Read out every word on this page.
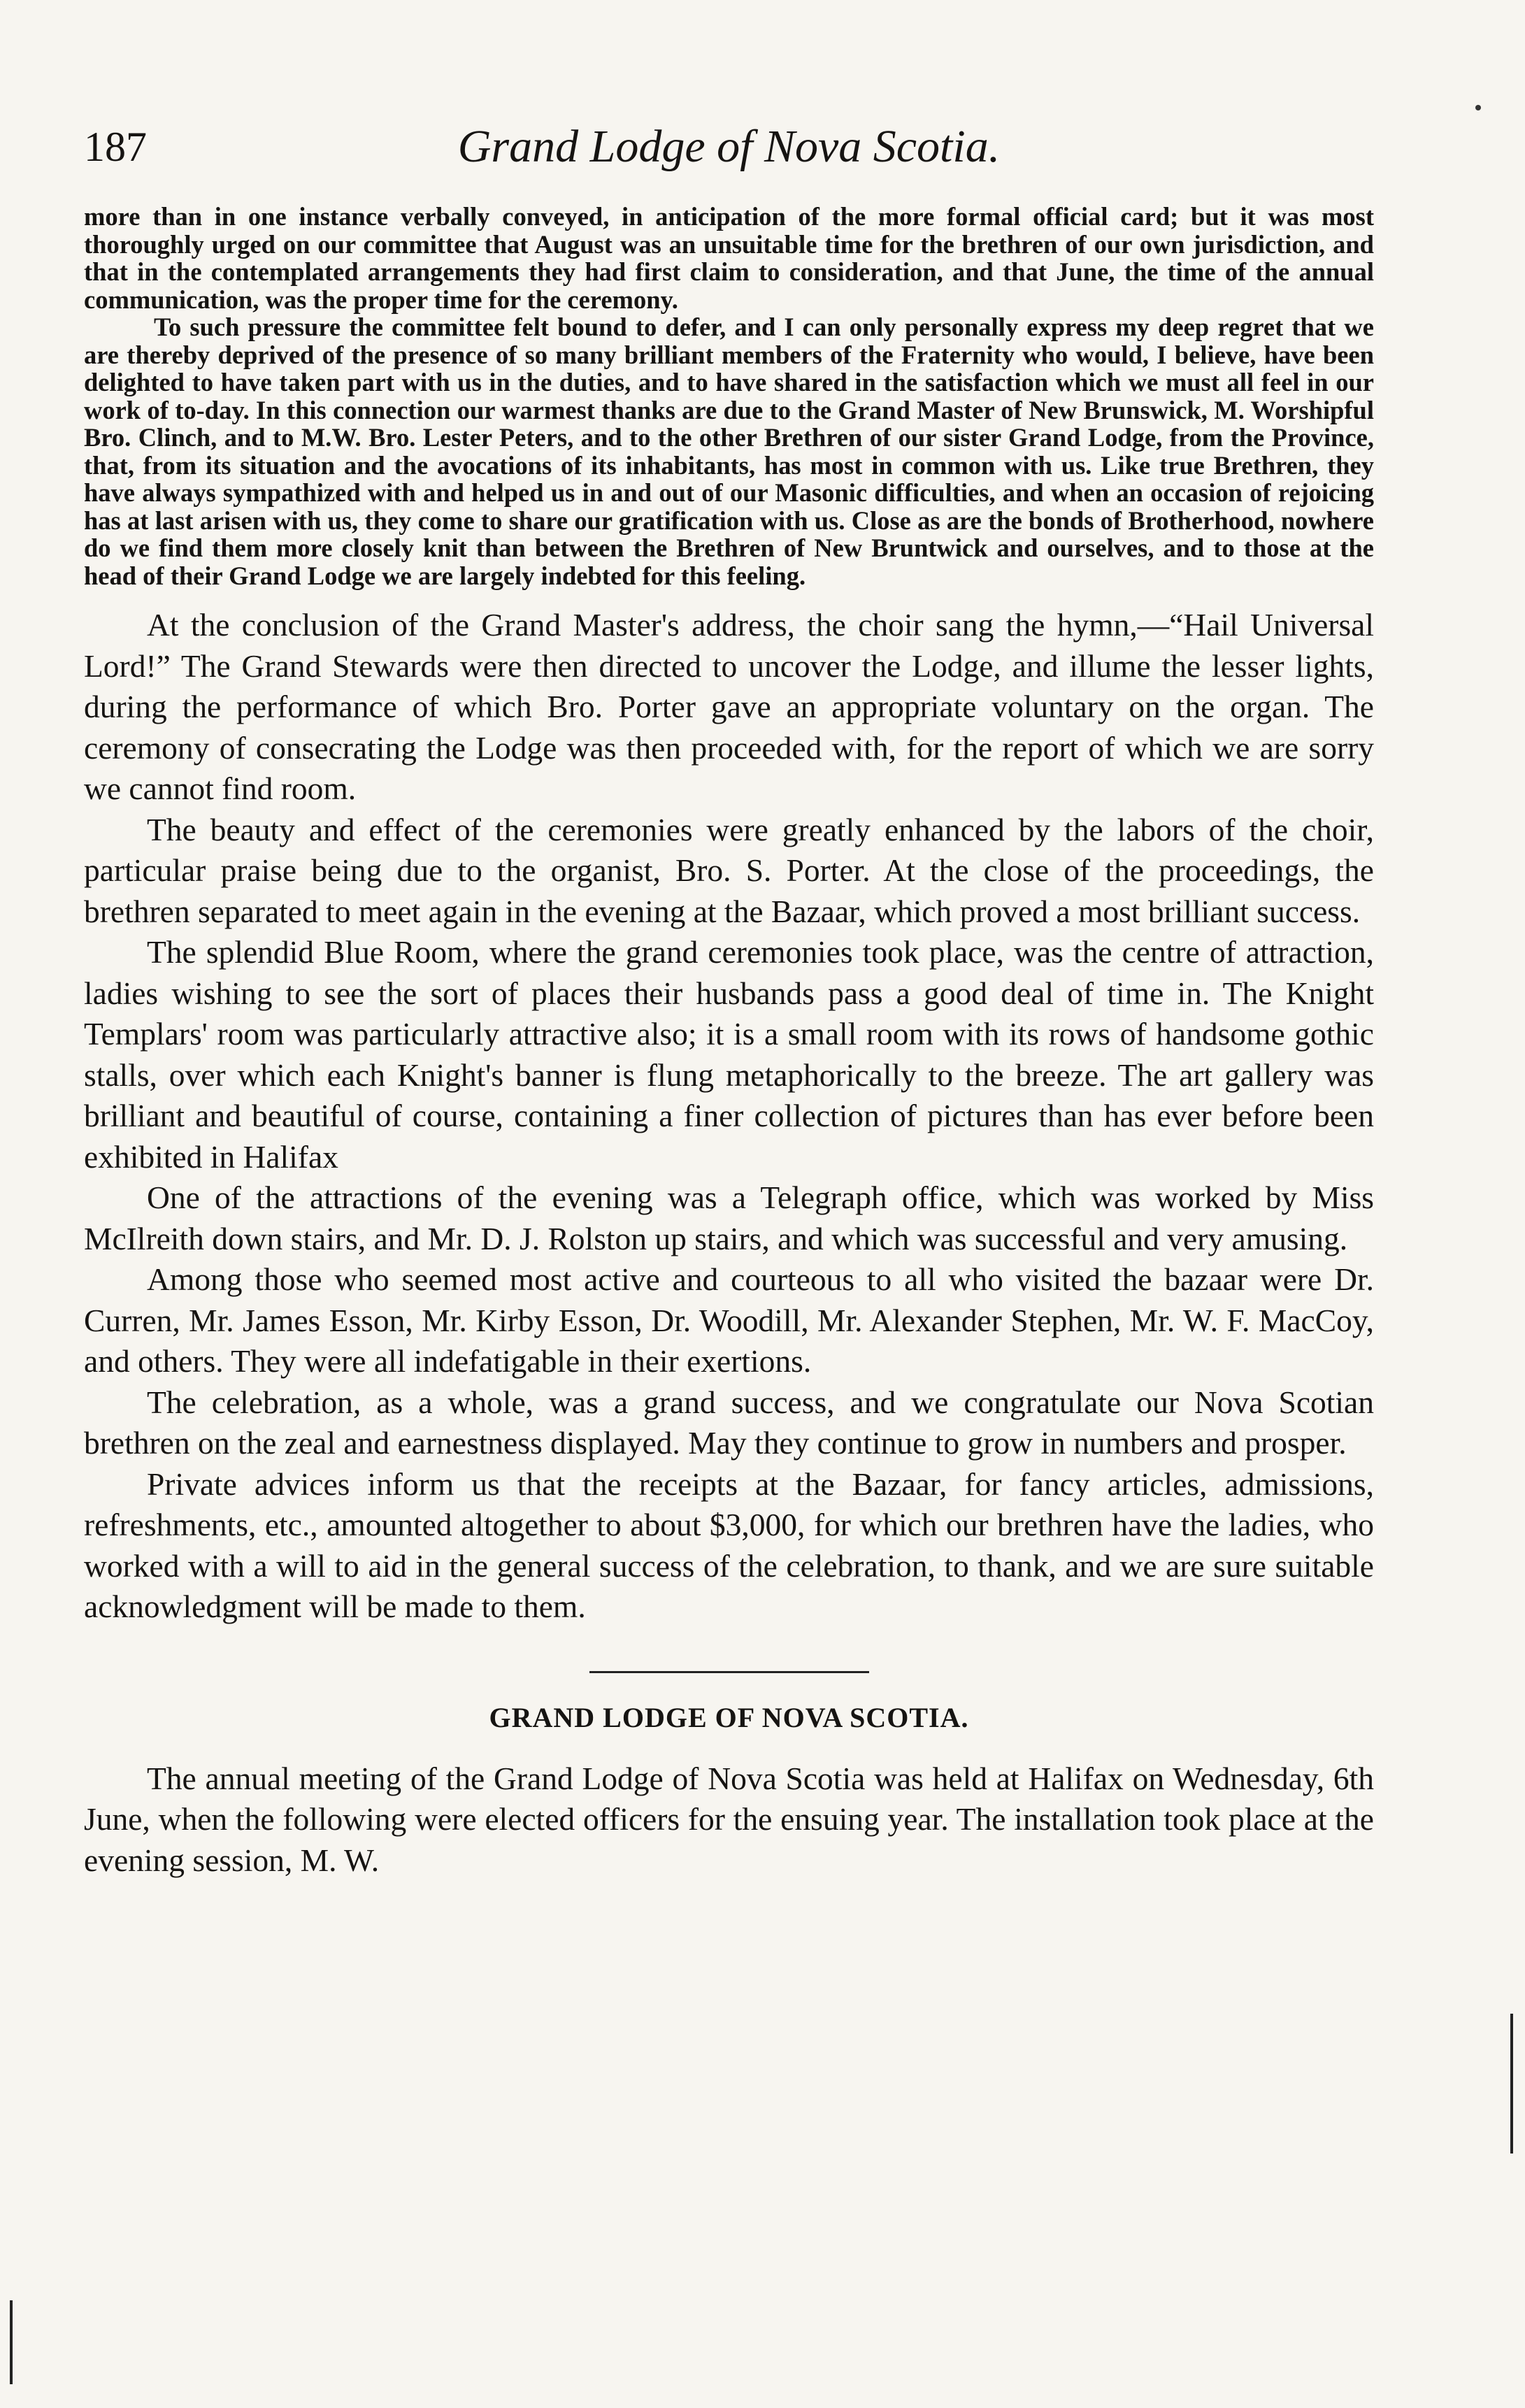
187	Grand Lodge of Nova Scotia.

more than in one instance verbally conveyed, in anticipation of the more formal official card; but it was most thoroughly urged on our committee that August was an unsuitable time for the brethren of our own jurisdiction, and that in the contemplated arrangements they had first claim to consideration, and that June, the time of the annual communication, was the proper time for the ceremony.

To such pressure the committee felt bound to defer, and I can only personally express my deep regret that we are thereby deprived of the presence of so many brilliant members of the Fraternity who would, I believe, have been delighted to have taken part with us in the duties, and to have shared in the satisfaction which we must all feel in our work of to-day. In this connection our warmest thanks are due to the Grand Master of New Brunswick, M. Worshipful Bro. Clinch, and to M.W. Bro. Lester Peters, and to the other Brethren of our sister Grand Lodge, from the Province, that, from its situation and the avocations of its inhabitants, has most in common with us. Like true Brethren, they have always sympathized with and helped us in and out of our Masonic difficulties, and when an occasion of rejoicing has at last arisen with us, they come to share our gratification with us. Close as are the bonds of Brotherhood, nowhere do we find them more closely knit than between the Brethren of New Bruntwick and ourselves, and to those at the head of their Grand Lodge we are largely indebted for this feeling.

At the conclusion of the Grand Master's address, the choir sang the hymn,—“Hail Universal Lord!” The Grand Stewards were then directed to uncover the Lodge, and illume the lesser lights, during the performance of which Bro. Porter gave an appropriate voluntary on the organ. The ceremony of consecrating the Lodge was then proceeded with, for the report of which we are sorry we cannot find room.

The beauty and effect of the ceremonies were greatly enhanced by the labors of the choir, particular praise being due to the organist, Bro. S. Porter. At the close of the proceedings, the brethren separated to meet again in the evening at the Bazaar, which proved a most brilliant success.

The splendid Blue Room, where the grand ceremonies took place, was the centre of attraction, ladies wishing to see the sort of places their husbands pass a good deal of time in. The Knight Templars' room was particularly attractive also; it is a small room with its rows of handsome gothic stalls, over which each Knight's banner is flung metaphorically to the breeze. The art gallery was brilliant and beautiful of course, containing a finer collection of pictures than has ever before been exhibited in Halifax

One of the attractions of the evening was a Telegraph office, which was worked by Miss McIlreith down stairs, and Mr. D. J. Rolston up stairs, and which was successful and very amusing.

Among those who seemed most active and courteous to all who visited the bazaar were Dr. Curren, Mr. James Esson, Mr. Kirby Esson, Dr. Woodill, Mr. Alexander Stephen, Mr. W. F. MacCoy, and others. They were all indefatigable in their exertions.

The celebration, as a whole, was a grand success, and we congratulate our Nova Scotian brethren on the zeal and earnestness displayed. May they continue to grow in numbers and prosper.

Private advices inform us that the receipts at the Bazaar, for fancy articles, admissions, refreshments, etc., amounted altogether to about $3,000, for which our brethren have the ladies, who worked with a will to aid in the general success of the celebration, to thank, and we are sure suitable acknowledgment will be made to them.

GRAND LODGE OF NOVA SCOTIA.

The annual meeting of the Grand Lodge of Nova Scotia was held at Halifax on Wednesday, 6th June, when the following were elected officers for the ensuing year. The installation took place at the evening session, M. W.
